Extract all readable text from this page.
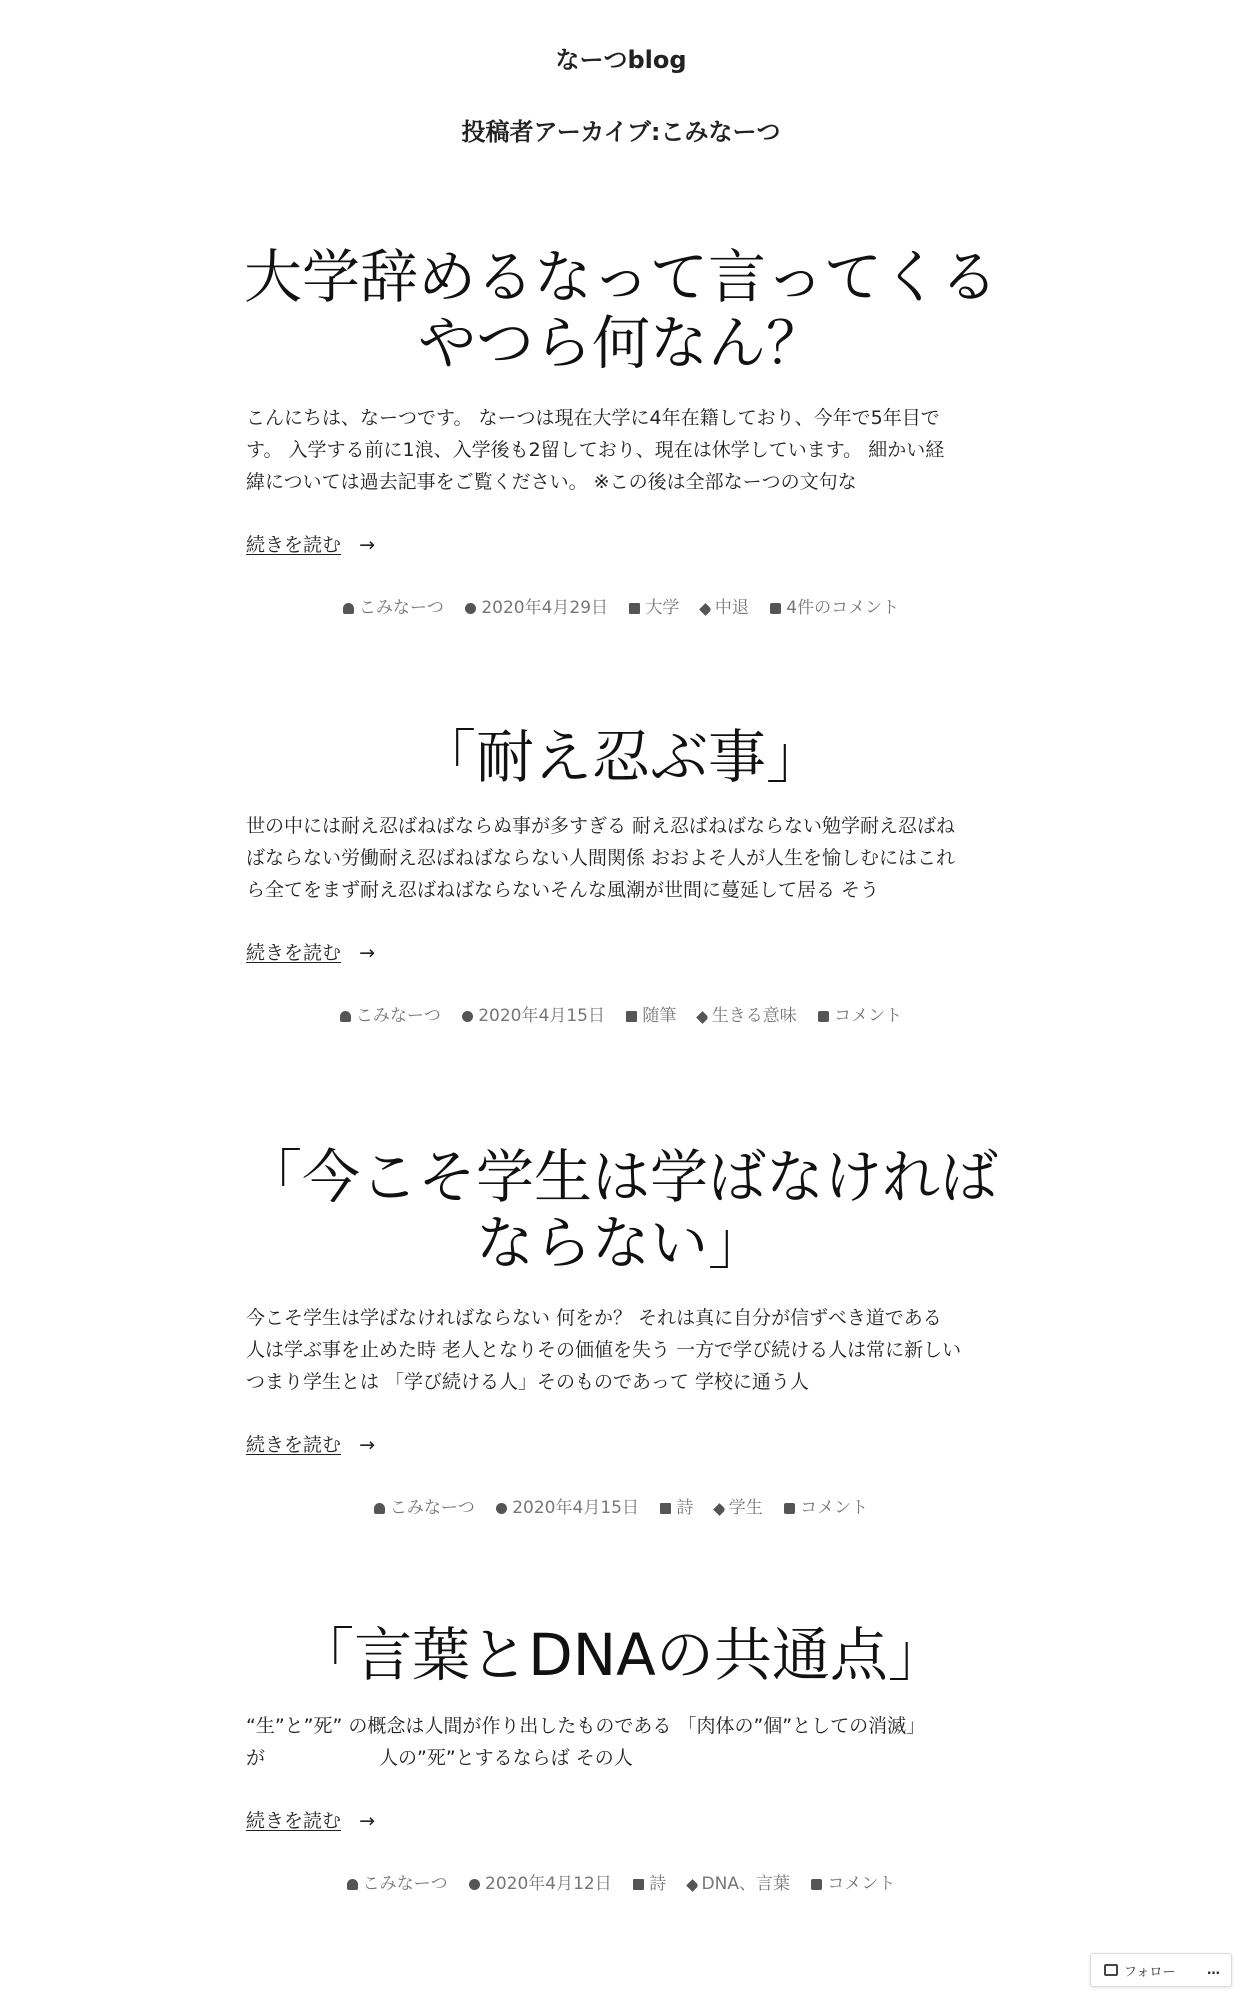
なーつblog
投稿者アーカイブ:こみなーつ
大学辞めるなって言ってくるやつら何なん？
こんにちは、なーつです。 なーつは現在大学に4年在籍しており、今年で5年目で
す。 入学する前に1浪、入学後も2留しており、現在は休学しています。 細かい経
緯については過去記事をご覧ください。 ※この後は全部なーつの文句な
続きを読む →
こみなーつ 2020年4月29日 大学 中退 4件のコメント
「耐え忍ぶ事」
世の中には耐え忍ばねばならぬ事が多すぎる 耐え忍ばねばならない勉学耐え忍ばね
ばならない労働耐え忍ばねばならない人間関係 おおよそ人が人生を愉しむにはこれ
ら全てをまず耐え忍ばねばならないそんな風潮が世間に蔓延して居る そう
続きを読む →
こみなーつ 2020年4月15日 随筆 生きる意味 コメント
「今こそ学生は学ばなければならない」
今こそ学生は学ばなければならない 何をか？ それは真に自分が信ずべき道である
人は学ぶ事を止めた時 老人となりその価値を失う 一方で学び続ける人は常に新しい
つまり学生とは 「学び続ける人」そのものであって 学校に通う人
続きを読む →
こみなーつ 2020年4月15日 詩 学生 コメント
「言葉とDNAの共通点」
“生”と”死” の概念は人間が作り出したものである 「肉体の”個”としての消滅」
が　　　　　　人の”死”とするならば その人
続きを読む →
こみなーつ 2020年4月12日 詩 DNA、言葉 コメント
フォロー …
